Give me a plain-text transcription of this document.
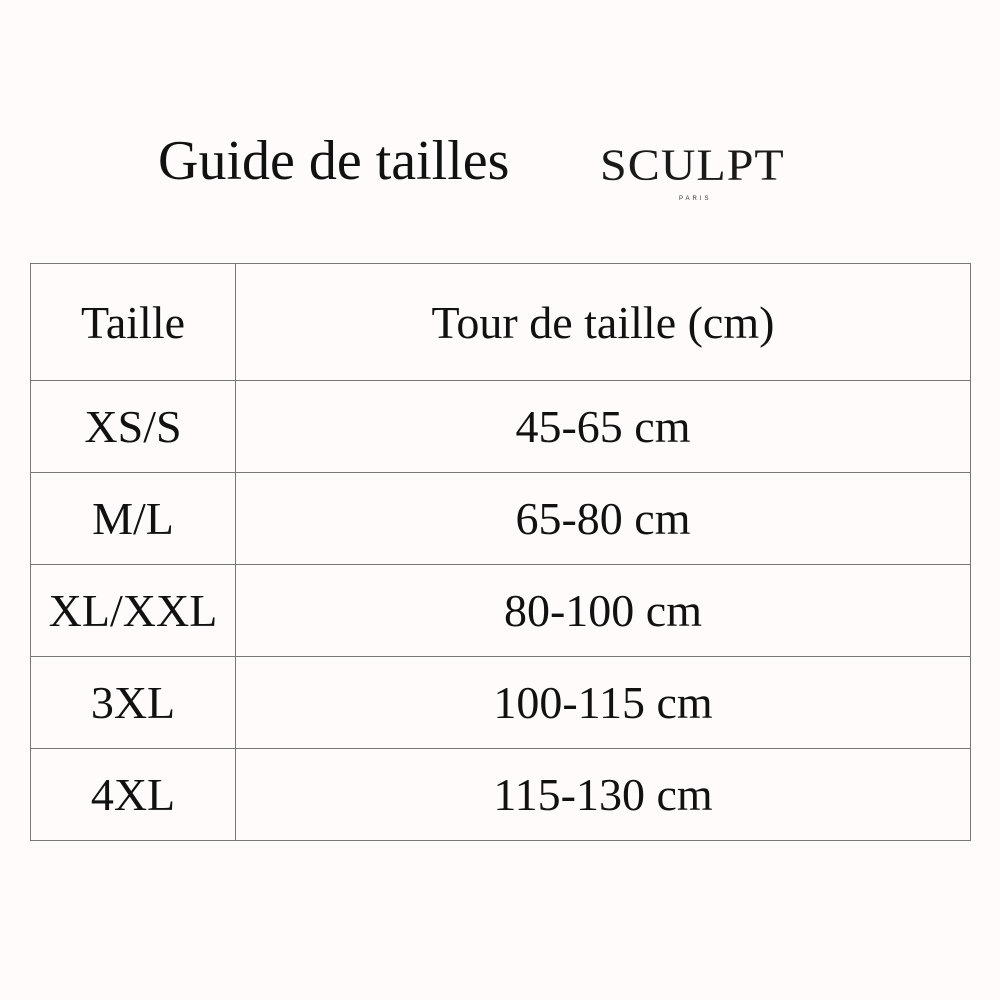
Guide de tailles SCULPT
PARIS
Taille	Tour de taille (cm)
XS/S	45-65 cm
M/L	65-80 cm
XL/XXL	80-100 cm
3XL	100-115 cm
4XL	115-130 cm
